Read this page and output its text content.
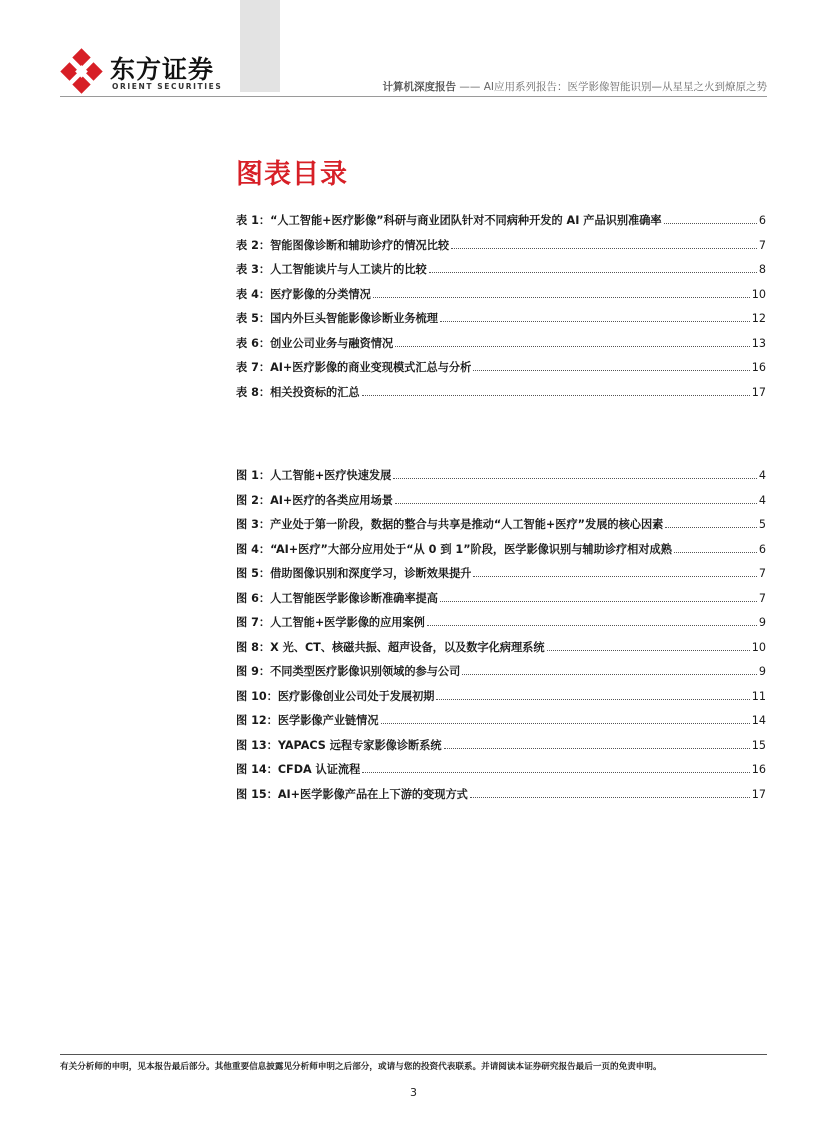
东方证券
ORIENT SECURITIES	计算机深度报告 —— AI应用系列报告：医学影像智能识别—从星星之火到燎原之势
图表目录
表 1： “人工智能+医疗影像”科研与商业团队针对不同病种开发的 AI 产品识别准确率	6
表 2： 智能图像诊断和辅助诊疗的情况比较	7
表 3： 人工智能读片与人工读片的比较	8
表 4： 医疗影像的分类情况	10
表 5： 国内外巨头智能影像诊断业务梳理	12
表 6： 创业公司业务与融资情况	13
表 7： AI+医疗影像的商业变现模式汇总与分析	16
表 8： 相关投资标的汇总	17
图 1： 人工智能+医疗快速发展	4
图 2： AI+医疗的各类应用场景	4
图 3： 产业处于第一阶段，数据的整合与共享是推动“人工智能+医疗”发展的核心因素	5
图 4： “AI+医疗”大部分应用处于“从 0 到 1”阶段，医学影像识别与辅助诊疗相对成熟	6
图 5： 借助图像识别和深度学习，诊断效果提升	7
图 6： 人工智能医学影像诊断准确率提高	7
图 7： 人工智能+医学影像的应用案例	9
图 8： X 光、CT、核磁共振、超声设备，以及数字化病理系统	10
图 9： 不同类型医疗影像识别领域的参与公司	9
图 10： 医疗影像创业公司处于发展初期	11
图 12： 医学影像产业链情况	14
图 13： YAPACS 远程专家影像诊断系统	15
图 14： CFDA 认证流程	16
图 15： AI+医学影像产品在上下游的变现方式	17
有关分析师的申明，见本报告最后部分。其他重要信息披露见分析师申明之后部分，或请与您的投资代表联系。并请阅读本证券研究报告最后一页的免责申明。
3
